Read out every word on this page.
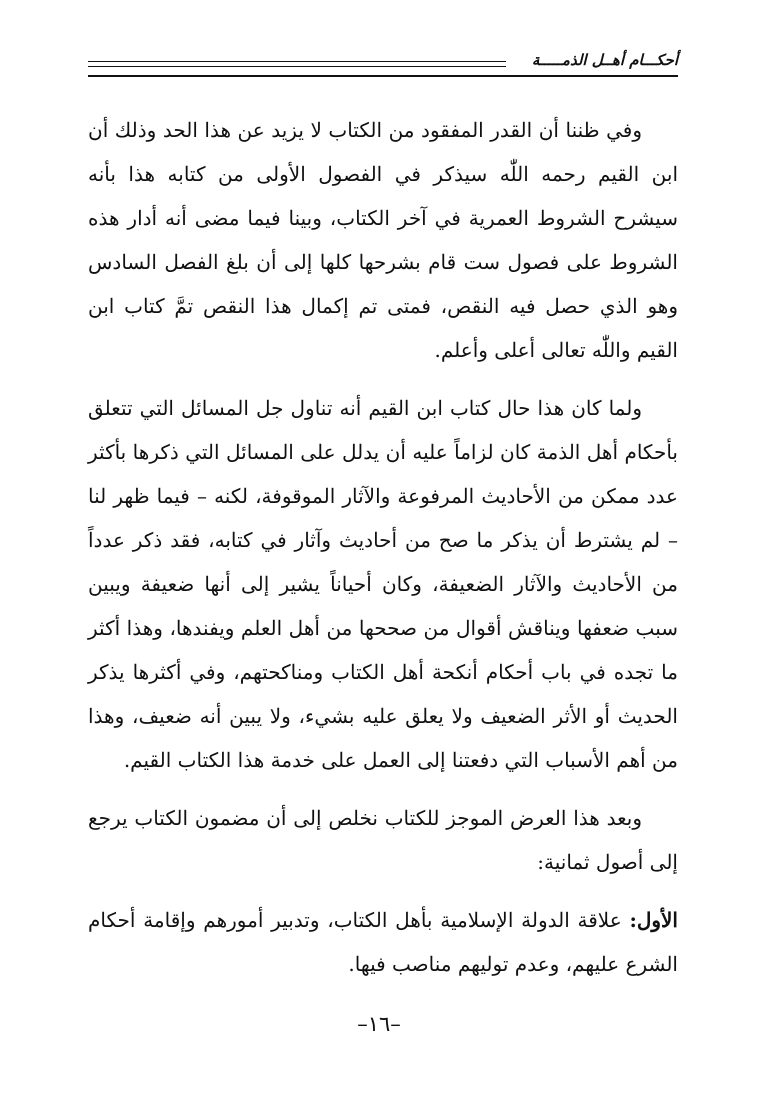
أحكـــام أهــل الذمـــــة

وفي ظننا أن القدر المفقود من الكتاب لا يزيد عن هذا الحد وذلك أن ابن القيم رحمه اللّٰه سيذكر في الفصول الأولى من كتابه هذا بأنه سيشرح الشروط العمرية في آخر الكتاب، وبينا فيما مضى أنه أدار هذه الشروط على فصول ست قام بشرحها كلها إلى أن بلغ الفصل السادس وهو الذي حصل فيه النقص، فمتى تم إكمال هذا النقص تمَّ كتاب ابن القيم واللّٰه تعالى أعلى وأعلم.

ولما كان هذا حال كتاب ابن القيم أنه تناول جل المسائل التي تتعلق بأحكام أهل الذمة كان لزاماً عليه أن يدلل على المسائل التي ذكرها بأكثر عدد ممكن من الأحاديث المرفوعة والآثار الموقوفة، لكنه – فيما ظهر لنا – لم يشترط أن يذكر ما صح من أحاديث وآثار في كتابه، فقد ذكر عدداً من الأحاديث والآثار الضعيفة، وكان أحياناً يشير إلى أنها ضعيفة ويبين سبب ضعفها ويناقش أقوال من صححها من أهل العلم ويفندها، وهذا أكثر ما تجده في باب أحكام أنكحة أهل الكتاب ومناكحتهم، وفي أكثرها يذكر الحديث أو الأثر الضعيف ولا يعلق عليه بشيء، ولا يبين أنه ضعيف، وهذا من أهم الأسباب التي دفعتنا إلى العمل على خدمة هذا الكتاب القيم.

وبعد هذا العرض الموجز للكتاب نخلص إلى أن مضمون الكتاب يرجع إلى أصول ثمانية:

الأول: علاقة الدولة الإسلامية بأهل الكتاب، وتدبير أمورهم وإقامة أحكام الشرع عليهم، وعدم توليهم مناصب فيها.

–١٦–
